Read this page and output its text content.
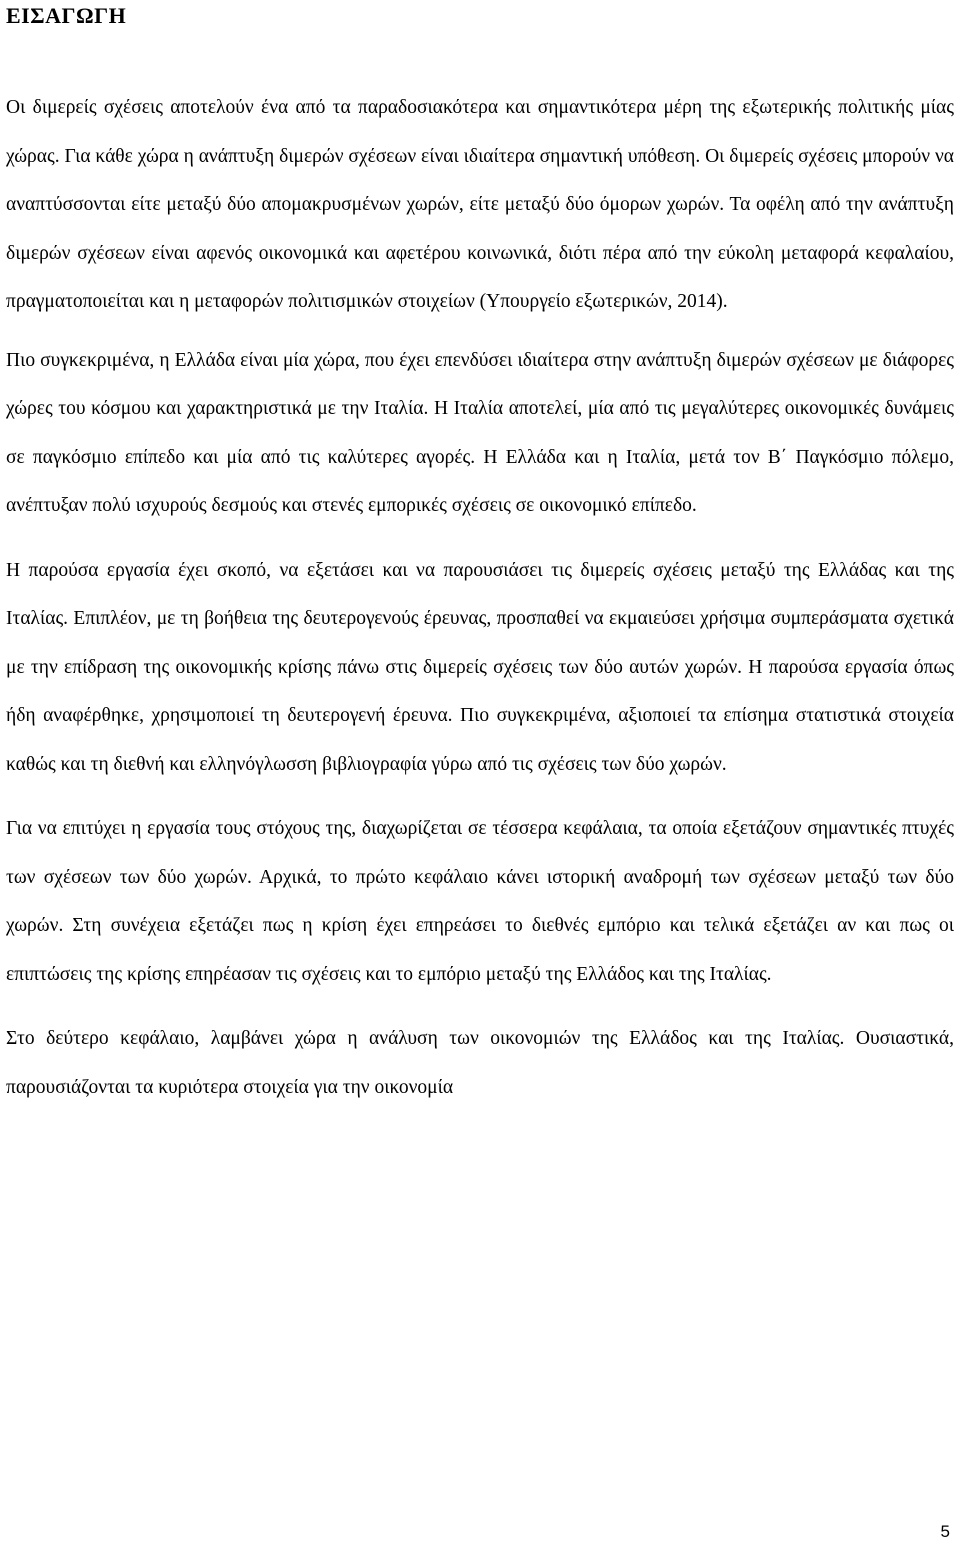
ΕΙΣΑΓΩΓΗ

Οι διμερείς σχέσεις αποτελούν ένα από τα παραδοσιακότερα και σημαντικότερα μέρη της εξωτερικής πολιτικής μίας χώρας. Για κάθε χώρα η ανάπτυξη διμερών σχέσεων είναι ιδιαίτερα σημαντική υπόθεση. Οι διμερείς σχέσεις μπορούν να αναπτύσσονται είτε μεταξύ δύο απομακρυσμένων χωρών, είτε μεταξύ δύο όμορων χωρών. Τα οφέλη από την ανάπτυξη διμερών σχέσεων είναι αφενός οικονομικά και αφετέρου κοινωνικά, διότι πέρα από την εύκολη μεταφορά κεφαλαίου, πραγματοποιείται και η μεταφορών πολιτισμικών στοιχείων (Υπουργείο εξωτερικών, 2014).

Πιο συγκεκριμένα, η Ελλάδα είναι μία χώρα, που έχει επενδύσει ιδιαίτερα στην ανάπτυξη διμερών σχέσεων με διάφορες χώρες του κόσμου και χαρακτηριστικά με την Ιταλία. Η Ιταλία αποτελεί, μία από τις μεγαλύτερες οικονομικές δυνάμεις σε παγκόσμιο επίπεδο και μία από τις καλύτερες αγορές. Η Ελλάδα και η Ιταλία, μετά τον Β΄ Παγκόσμιο πόλεμο, ανέπτυξαν πολύ ισχυρούς δεσμούς και στενές εμπορικές σχέσεις σε οικονομικό επίπεδο.

Η παρούσα εργασία έχει σκοπό, να εξετάσει και να παρουσιάσει τις διμερείς σχέσεις μεταξύ της Ελλάδας και της Ιταλίας. Επιπλέον, με τη βοήθεια της δευτερογενούς έρευνας, προσπαθεί να εκμαιεύσει χρήσιμα συμπεράσματα σχετικά με την επίδραση της οικονομικής κρίσης πάνω στις διμερείς σχέσεις των δύο αυτών χωρών. Η παρούσα εργασία όπως ήδη αναφέρθηκε, χρησιμοποιεί τη δευτερογενή έρευνα. Πιο συγκεκριμένα, αξιοποιεί τα επίσημα στατιστικά στοιχεία καθώς και τη διεθνή και ελληνόγλωσση βιβλιογραφία γύρω από τις σχέσεις των δύο χωρών.

Για να επιτύχει η εργασία τους στόχους της, διαχωρίζεται σε τέσσερα κεφάλαια, τα οποία εξετάζουν σημαντικές πτυχές των σχέσεων των δύο χωρών. Αρχικά, το πρώτο κεφάλαιο κάνει ιστορική αναδρομή των σχέσεων μεταξύ των δύο χωρών. Στη συνέχεια εξετάζει πως η κρίση έχει επηρεάσει το διεθνές εμπόριο και τελικά εξετάζει αν και πως οι επιπτώσεις της κρίσης επηρέασαν τις σχέσεις και το εμπόριο μεταξύ της Ελλάδος και της Ιταλίας.

Στο δεύτερο κεφάλαιο, λαμβάνει χώρα η ανάλυση των οικονομιών της Ελλάδος και της Ιταλίας. Ουσιαστικά, παρουσιάζονται τα κυριότερα στοιχεία για την οικονομία

5
